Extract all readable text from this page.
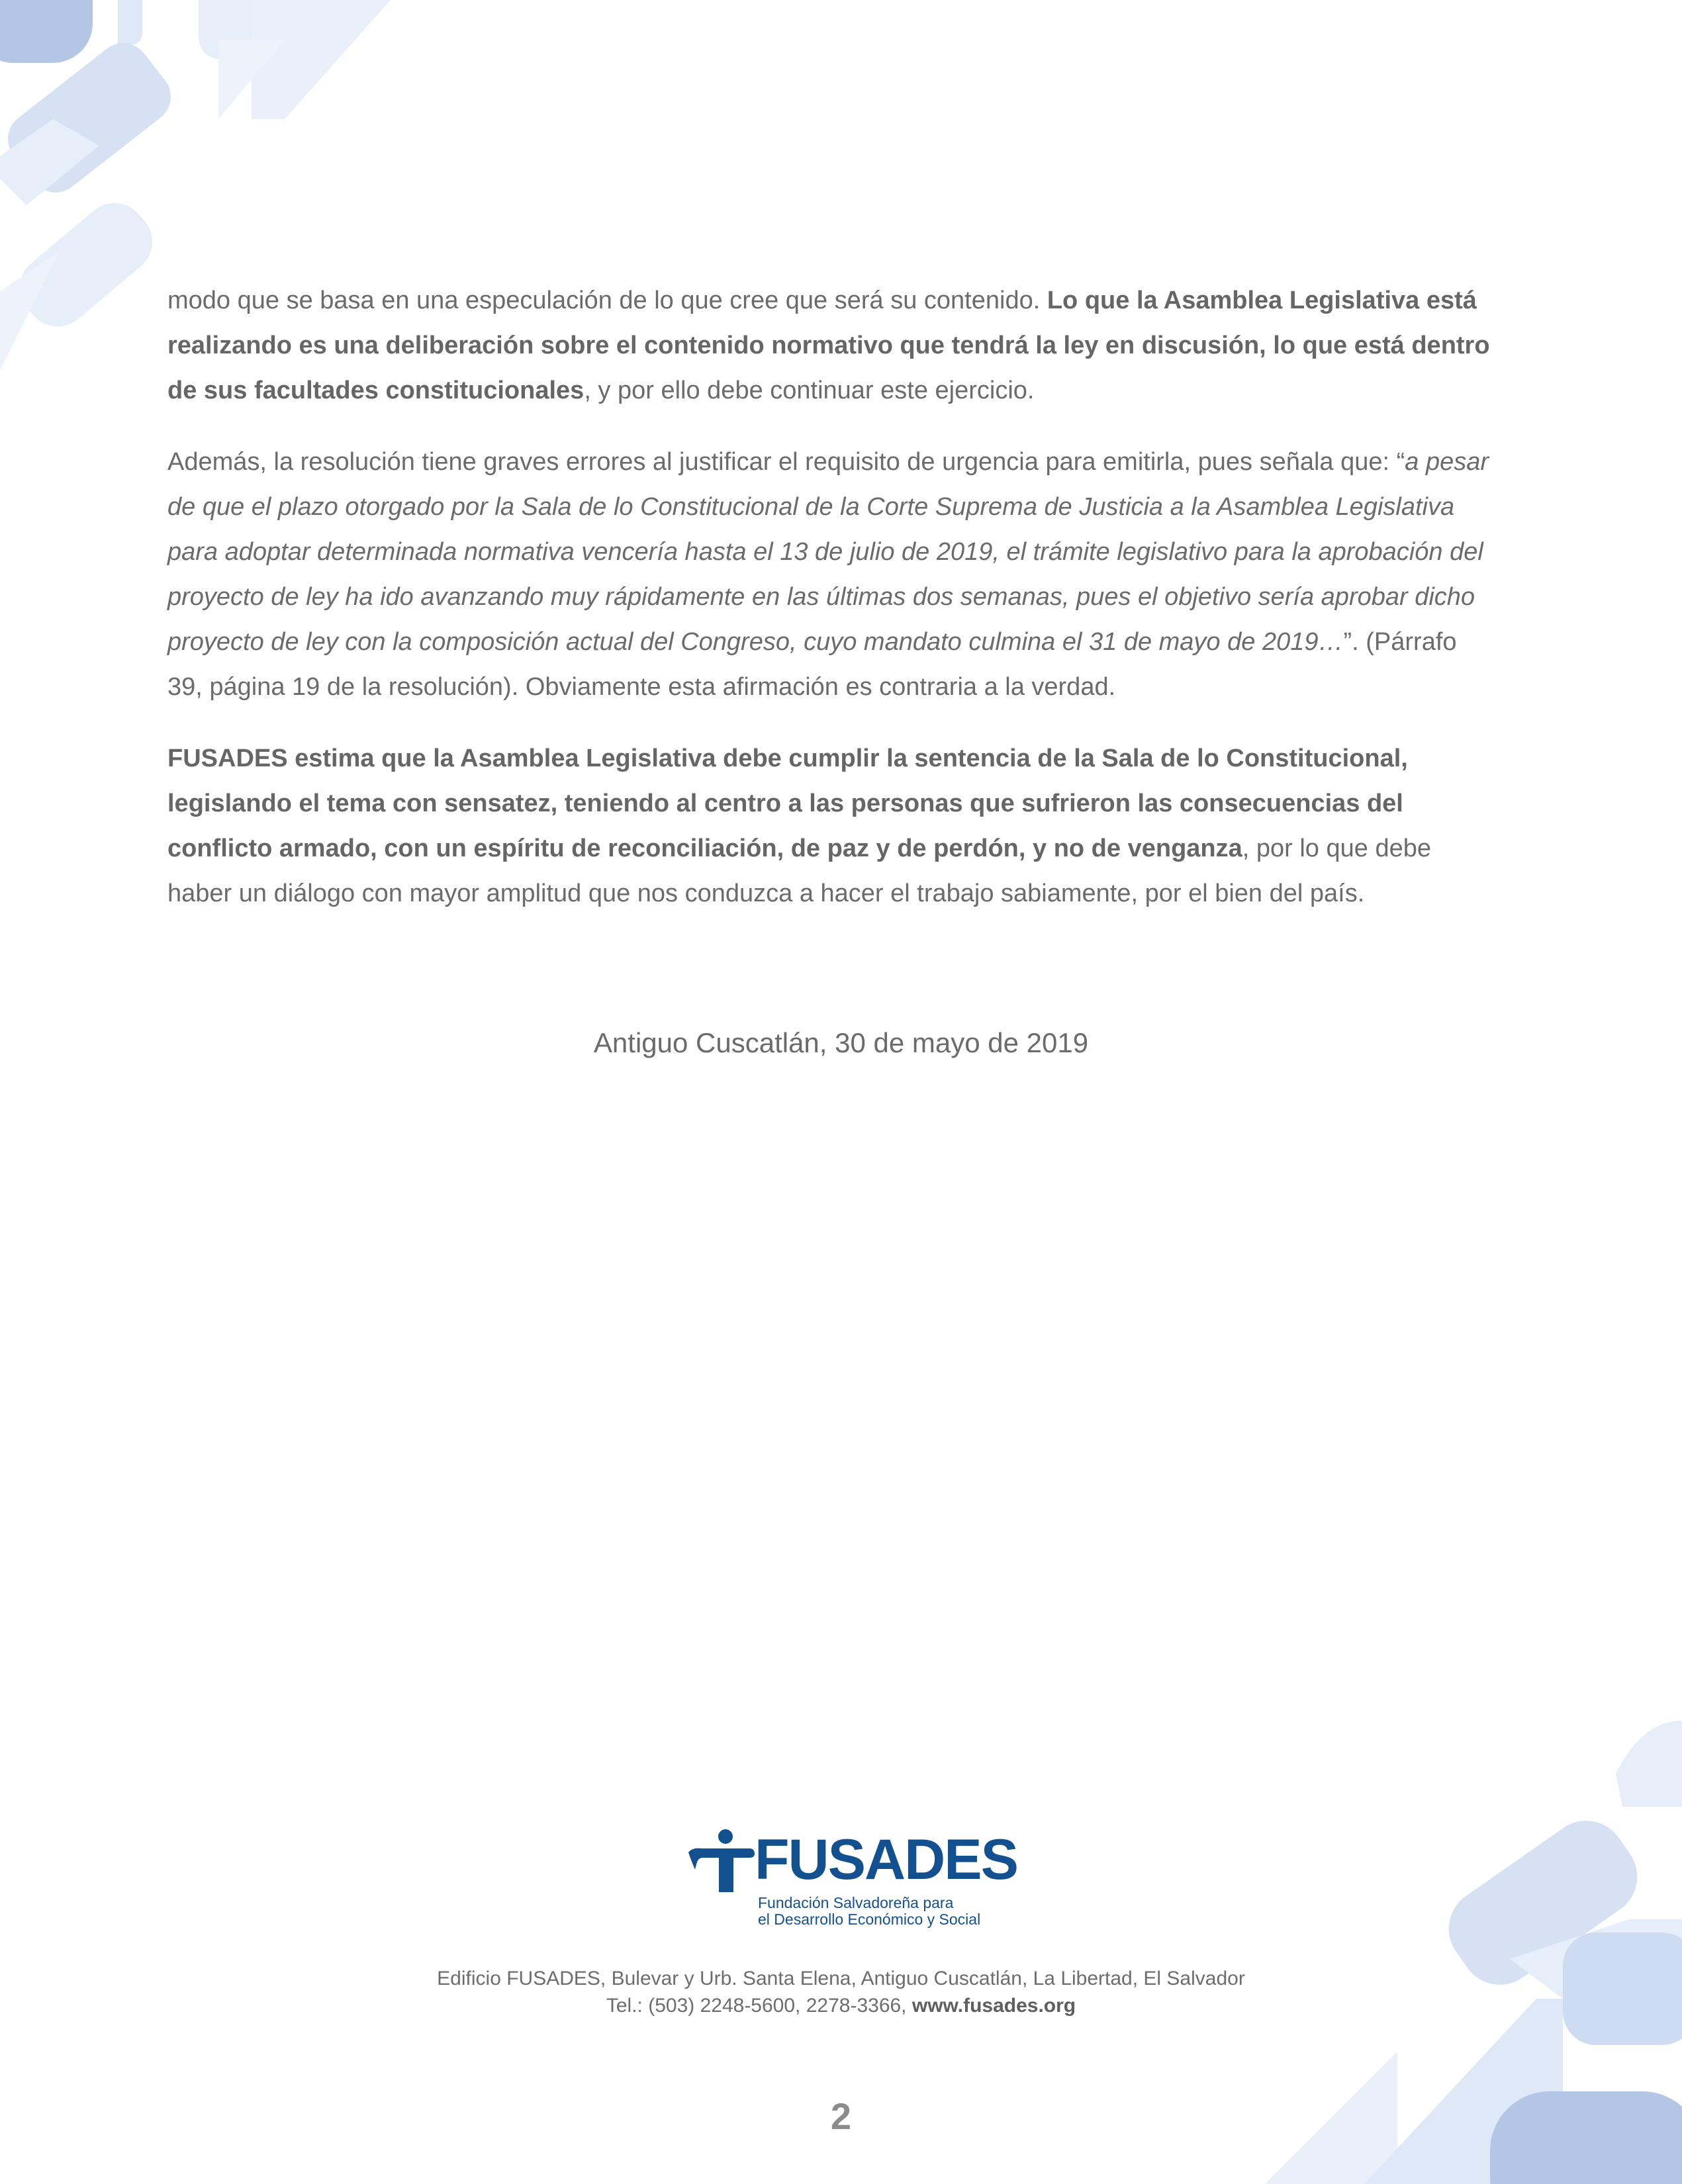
modo que se basa en una especulación de lo que cree que será su contenido. Lo que la Asamblea Legislativa está realizando es una deliberación sobre el contenido normativo que tendrá la ley en discusión, lo que está dentro de sus facultades constitucionales, y por ello debe continuar este ejercicio.

Además, la resolución tiene graves errores al justificar el requisito de urgencia para emitirla, pues señala que: “a pesar de que el plazo otorgado por la Sala de lo Constitucional de la Corte Suprema de Justicia a la Asamblea Legislativa para adoptar determinada normativa vencería hasta el 13 de julio de 2019, el trámite legislativo para la aprobación del proyecto de ley ha ido avanzando muy rápidamente en las últimas dos semanas, pues el objetivo sería aprobar dicho proyecto de ley con la composición actual del Congreso, cuyo mandato culmina el 31 de mayo de 2019…”. (Párrafo 39, página 19 de la resolución). Obviamente esta afirmación es contraria a la verdad.

FUSADES estima que la Asamblea Legislativa debe cumplir la sentencia de la Sala de lo Constitucional, legislando el tema con sensatez, teniendo al centro a las personas que sufrieron las consecuencias del conflicto armado, con un espíritu de reconciliación, de paz y de perdón, y no de venganza, por lo que debe haber un diálogo con mayor amplitud que nos conduzca a hacer el trabajo sabiamente, por el bien del país.

Antiguo Cuscatlán, 30 de mayo de 2019
FUSADES
Fundación Salvadoreña para
el Desarrollo Económico y Social
Edificio FUSADES, Bulevar y Urb. Santa Elena, Antiguo Cuscatlán, La Libertad, El Salvador
Tel.: (503) 2248-5600, 2278-3366, www.fusades.org
2
